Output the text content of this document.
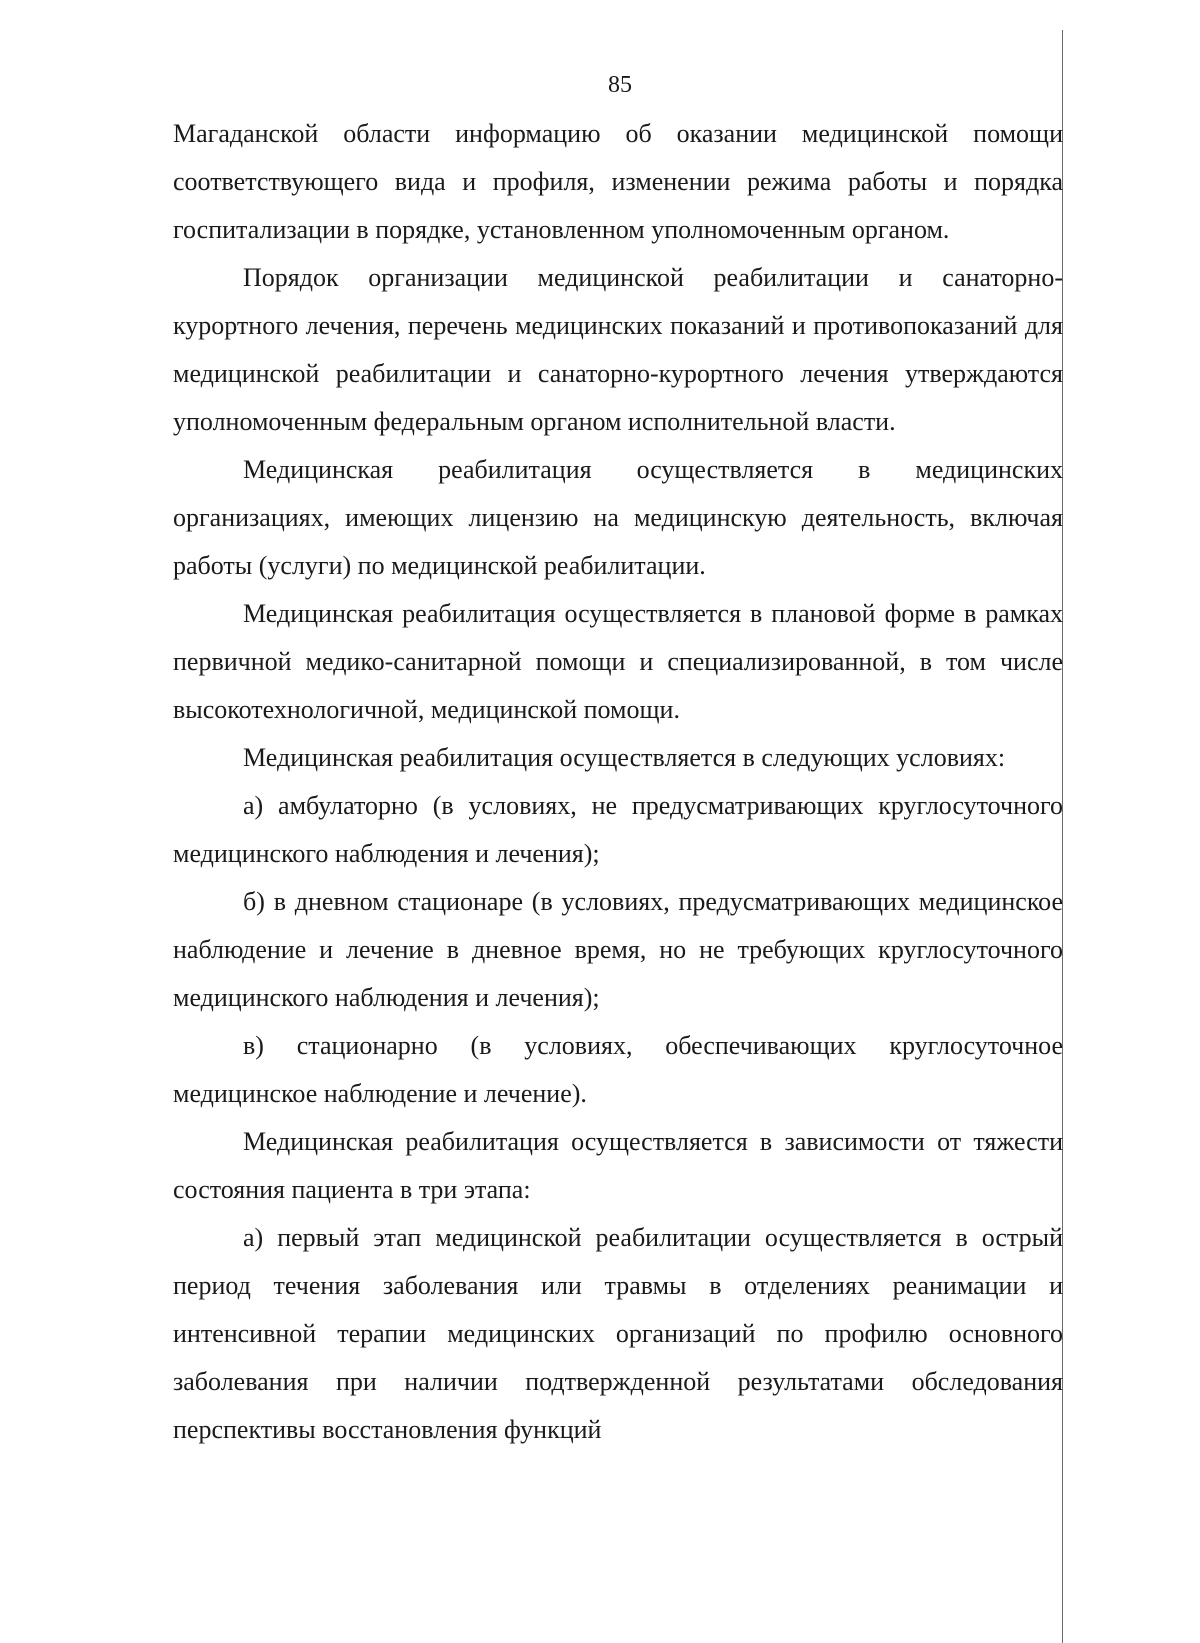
85

Магаданской области информацию об оказании медицинской помощи соответствующего вида и профиля, изменении режима работы и порядка госпитализации в порядке, установленном уполномоченным органом.

Порядок организации медицинской реабилитации и санаторно-курортного лечения, перечень медицинских показаний и противопоказаний для медицинской реабилитации и санаторно-курортного лечения утверждаются уполномоченным федеральным органом исполнительной власти.

Медицинская реабилитация осуществляется в медицинских организациях, имеющих лицензию на медицинскую деятельность, включая работы (услуги) по медицинской реабилитации.

Медицинская реабилитация осуществляется в плановой форме в рамках первичной медико-санитарной помощи и специализированной, в том числе высокотехнологичной, медицинской помощи.

Медицинская реабилитация осуществляется в следующих условиях:

а) амбулаторно (в условиях, не предусматривающих круглосуточного медицинского наблюдения и лечения);

б) в дневном стационаре (в условиях, предусматривающих медицинское наблюдение и лечение в дневное время, но не требующих круглосуточного медицинского наблюдения и лечения);

в) стационарно (в условиях, обеспечивающих круглосуточное медицинское наблюдение и лечение).

Медицинская реабилитация осуществляется в зависимости от тяжести состояния пациента в три этапа:

а) первый этап медицинской реабилитации осуществляется в острый период течения заболевания или травмы в отделениях реанимации и интенсивной терапии медицинских организаций по профилю основного заболевания при наличии подтвержденной результатами обследования перспективы восстановления функций
